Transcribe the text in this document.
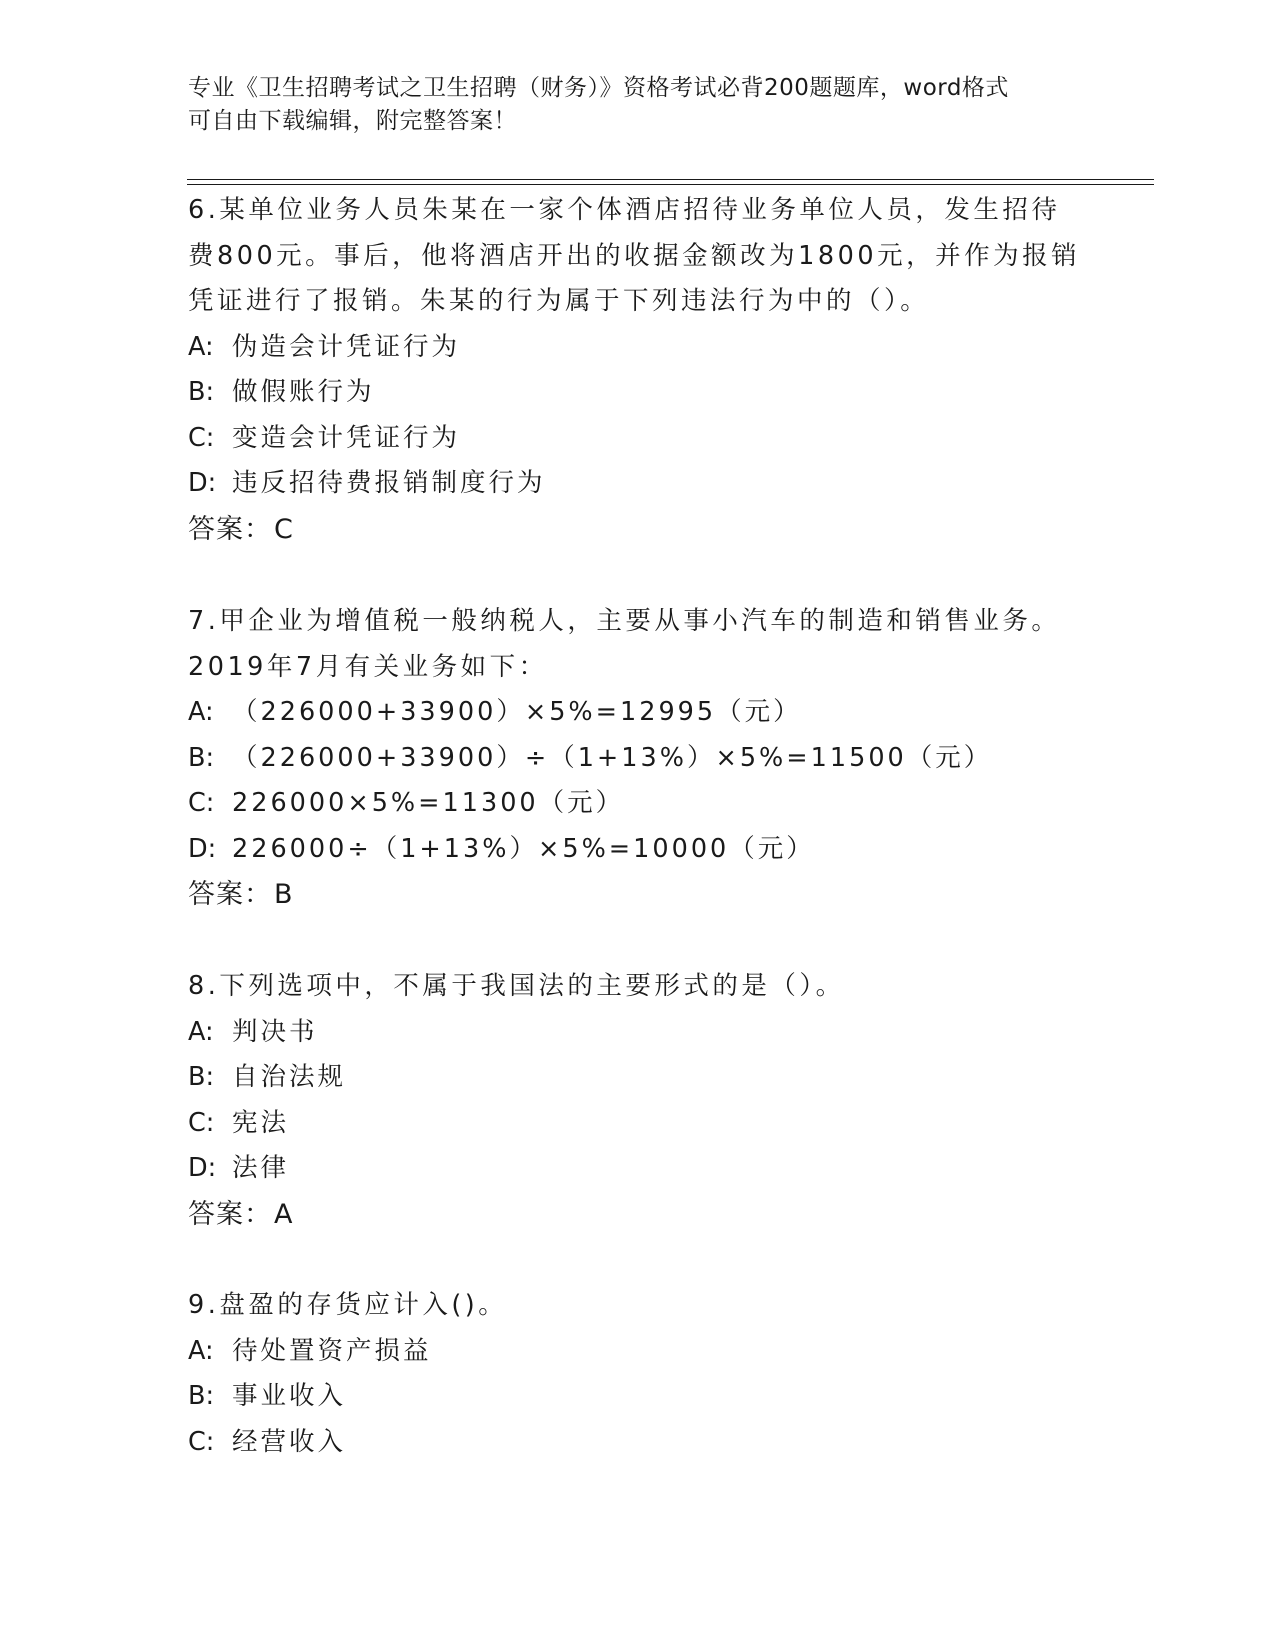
专业《卫生招聘考试之卫生招聘（财务）》资格考试必背200题题库，word格式
可自由下载编辑，附完整答案！

6.某单位业务人员朱某在一家个体酒店招待业务单位人员，发生招待费800元。事后，他将酒店开出的收据金额改为1800元，并作为报销凭证进行了报销。朱某的行为属于下列违法行为中的（）。

A: 伪造会计凭证行为
B: 做假账行为
C: 变造会计凭证行为
D: 违反招待费报销制度行为
答案：C

7.甲企业为增值税一般纳税人，主要从事小汽车的制造和销售业务。2019年7月有关业务如下：

A: （226000+33900）×5%=12995（元）
B: （226000+33900）÷（1+13%）×5%=11500（元）
C: 226000×5%=11300（元）
D: 226000÷（1+13%）×5%=10000（元）
答案：B

8.下列选项中，不属于我国法的主要形式的是（）。

A: 判决书
B: 自治法规
C: 宪法
D: 法律
答案：A

9.盘盈的存货应计入()。

A: 待处置资产损益
B: 事业收入
C: 经营收入
